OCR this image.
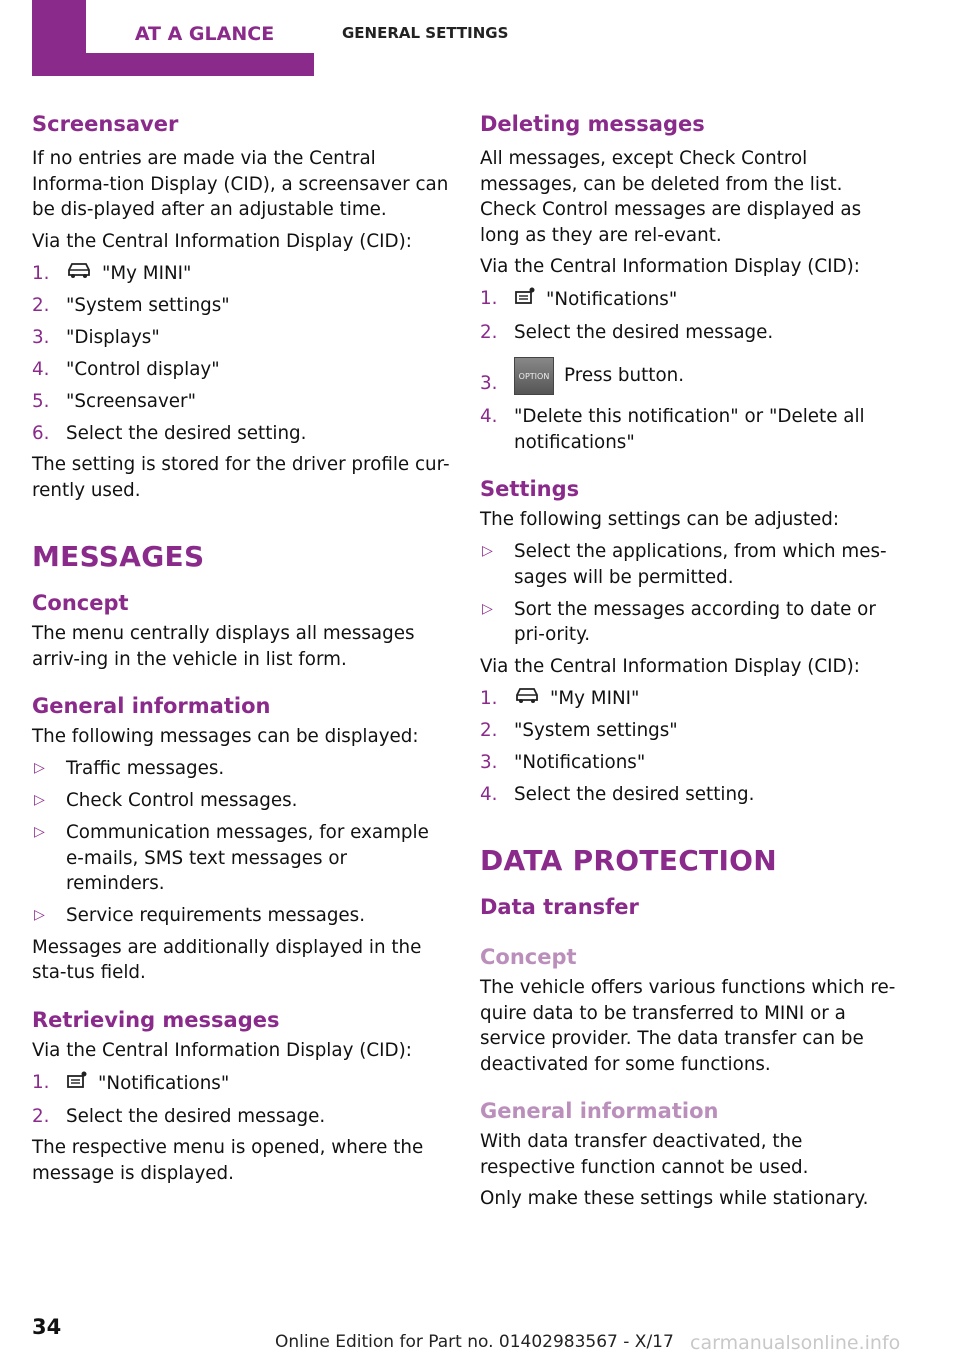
AT A GLANCE	GENERAL SETTINGS
Screensaver

If no entries are made via the Central Informa-tion Display (CID), a screensaver can be dis-played after an adjustable time.

Via the Central Information Display (CID):

1.	"My MINI"
2. "System settings"
3. "Displays"
4. "Control display"
5. "Screensaver"
6. Select the desired setting.

The setting is stored for the driver profile cur-rently used.

MESSAGES
Concept

The menu centrally displays all messages arriv-ing in the vehicle in list form.

General information

The following messages can be displayed:

▷ Traffic messages.
▷ Check Control messages.
▷ Communication messages, for example e-mails, SMS text messages or reminders.
▷ Service requirements messages.

Messages are additionally displayed in the sta-tus field.

Retrieving messages

Via the Central Information Display (CID):

1.	"Notifications"
2. Select the desired message.

The respective menu is opened, where the message is displayed.

Deleting messages

All messages, except Check Control messages, can be deleted from the list. Check Control messages are displayed as long as they are rel-evant.

Via the Central Information Display (CID):

1.	"Notifications"
2. Select the desired message.
3.	OPTION Press button.
4. "Delete this notification" or "Delete all notifications"
Settings

The following settings can be adjusted:

▷ Select the applications, from which mes-sages will be permitted.
▷ Sort the messages according to date or pri-ority.

Via the Central Information Display (CID):

1.	"My MINI"
2. "System settings"
3. "Notifications"
4. Select the desired setting.
DATA PROTECTION
Data transfer
Concept

The vehicle offers various functions which re-quire data to be transferred to MINI or a service provider. The data transfer can be deactivated for some functions.

General information

With data transfer deactivated, the respective function cannot be used.

Only make these settings while stationary.

34
Online Edition for Part no. 01402983567 - X/17 carmanualsonline.info
